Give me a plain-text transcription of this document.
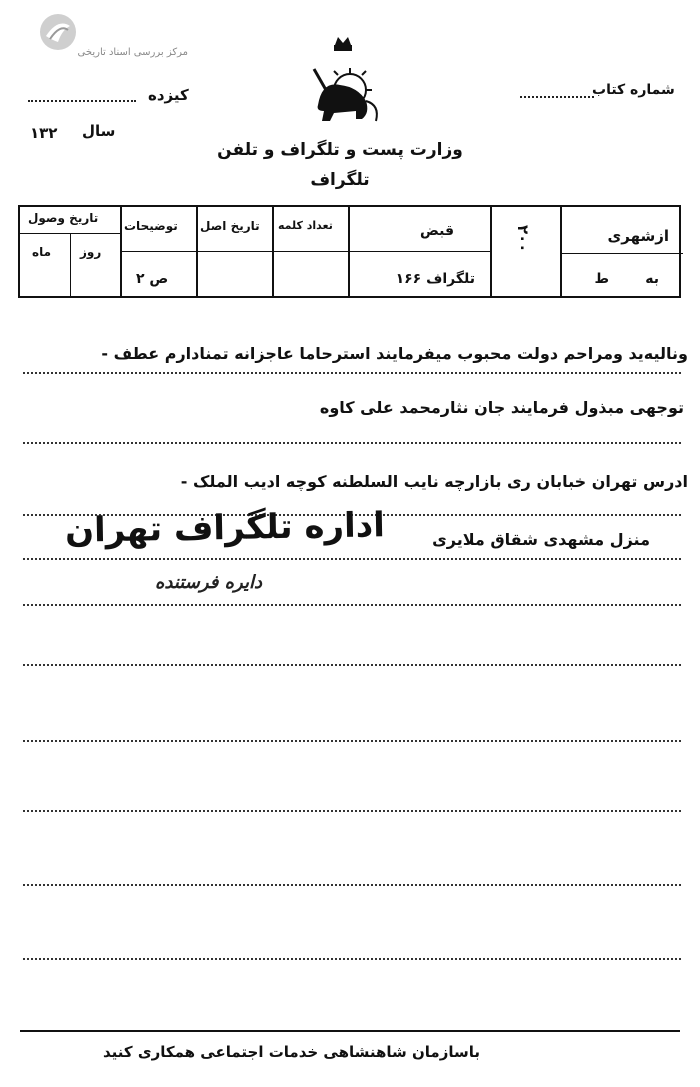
مرکز بررسی اسناد تاریخی
کیزده
سال
۱۳۲
شماره کتاب
وزارت پست و تلگراف و تلفن
تلگراف
ازشهری
ط	به
۲۰۰
قبض
تلگراف ۱۶۶
تعداد کلمه
تاریخ اصل
توضیحات
ص ۲
تاریخ وصول
روز
ماه
ونالیه‌ید ومراحم دولت محبوب میفرمایند استرحاما عاجزانه تمنادارم عطف -
توجهی مبذول فرمایند جان نثارمحمد علی کاوه
ادرس تهران خبابان ری بازارچه نایب السلطنه کوچه ادیب الملک -
منزل مشهدی شقاق ملایری
اداره تلگراف تهران
دایره فرستنده
باسازمان شاهنشاهی خدمات اجتماعی همکاری کنید
